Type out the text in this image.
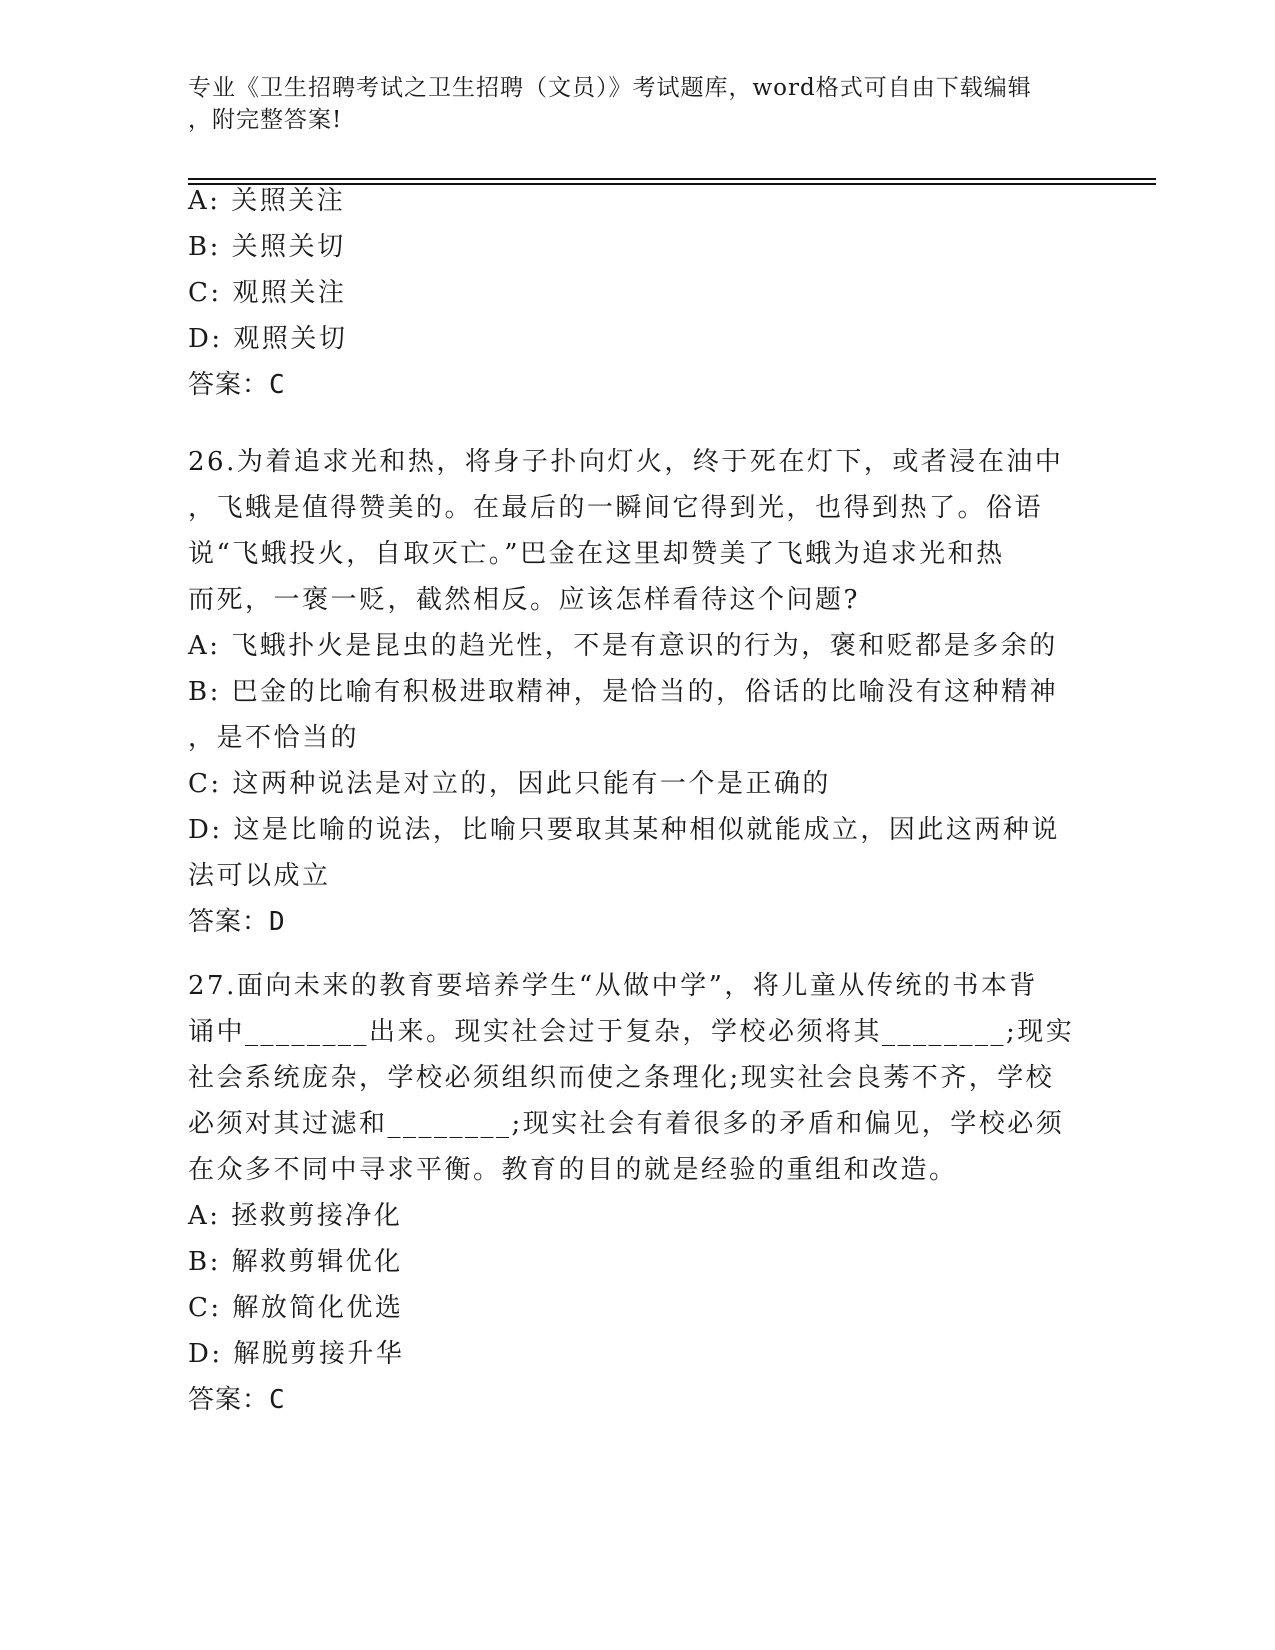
专业《卫生招聘考试之卫生招聘（文员）》考试题库，word格式可自由下载编辑
，附完整答案!
A: 关照关注
B: 关照关切
C: 观照关注
D: 观照关切
答案：C
26.为着追求光和热，将身子扑向灯火，终于死在灯下，或者浸在油中
，飞蛾是值得赞美的。在最后的一瞬间它得到光，也得到热了。俗语
说“飞蛾投火，自取灭亡。”巴金在这里却赞美了飞蛾为追求光和热
而死，一褒一贬，截然相反。应该怎样看待这个问题?
A: 飞蛾扑火是昆虫的趋光性，不是有意识的行为，褒和贬都是多余的
B: 巴金的比喻有积极进取精神，是恰当的，俗话的比喻没有这种精神
，是不恰当的
C: 这两种说法是对立的，因此只能有一个是正确的
D: 这是比喻的说法，比喻只要取其某种相似就能成立，因此这两种说
法可以成立
答案：D
27.面向未来的教育要培养学生“从做中学”，将儿童从传统的书本背
诵中________出来。现实社会过于复杂，学校必须将其________;现实
社会系统庞杂，学校必须组织而使之条理化;现实社会良莠不齐，学校
必须对其过滤和________;现实社会有着很多的矛盾和偏见，学校必须
在众多不同中寻求平衡。教育的目的就是经验的重组和改造。
A: 拯救剪接净化
B: 解救剪辑优化
C: 解放简化优选
D: 解脱剪接升华
答案：C
